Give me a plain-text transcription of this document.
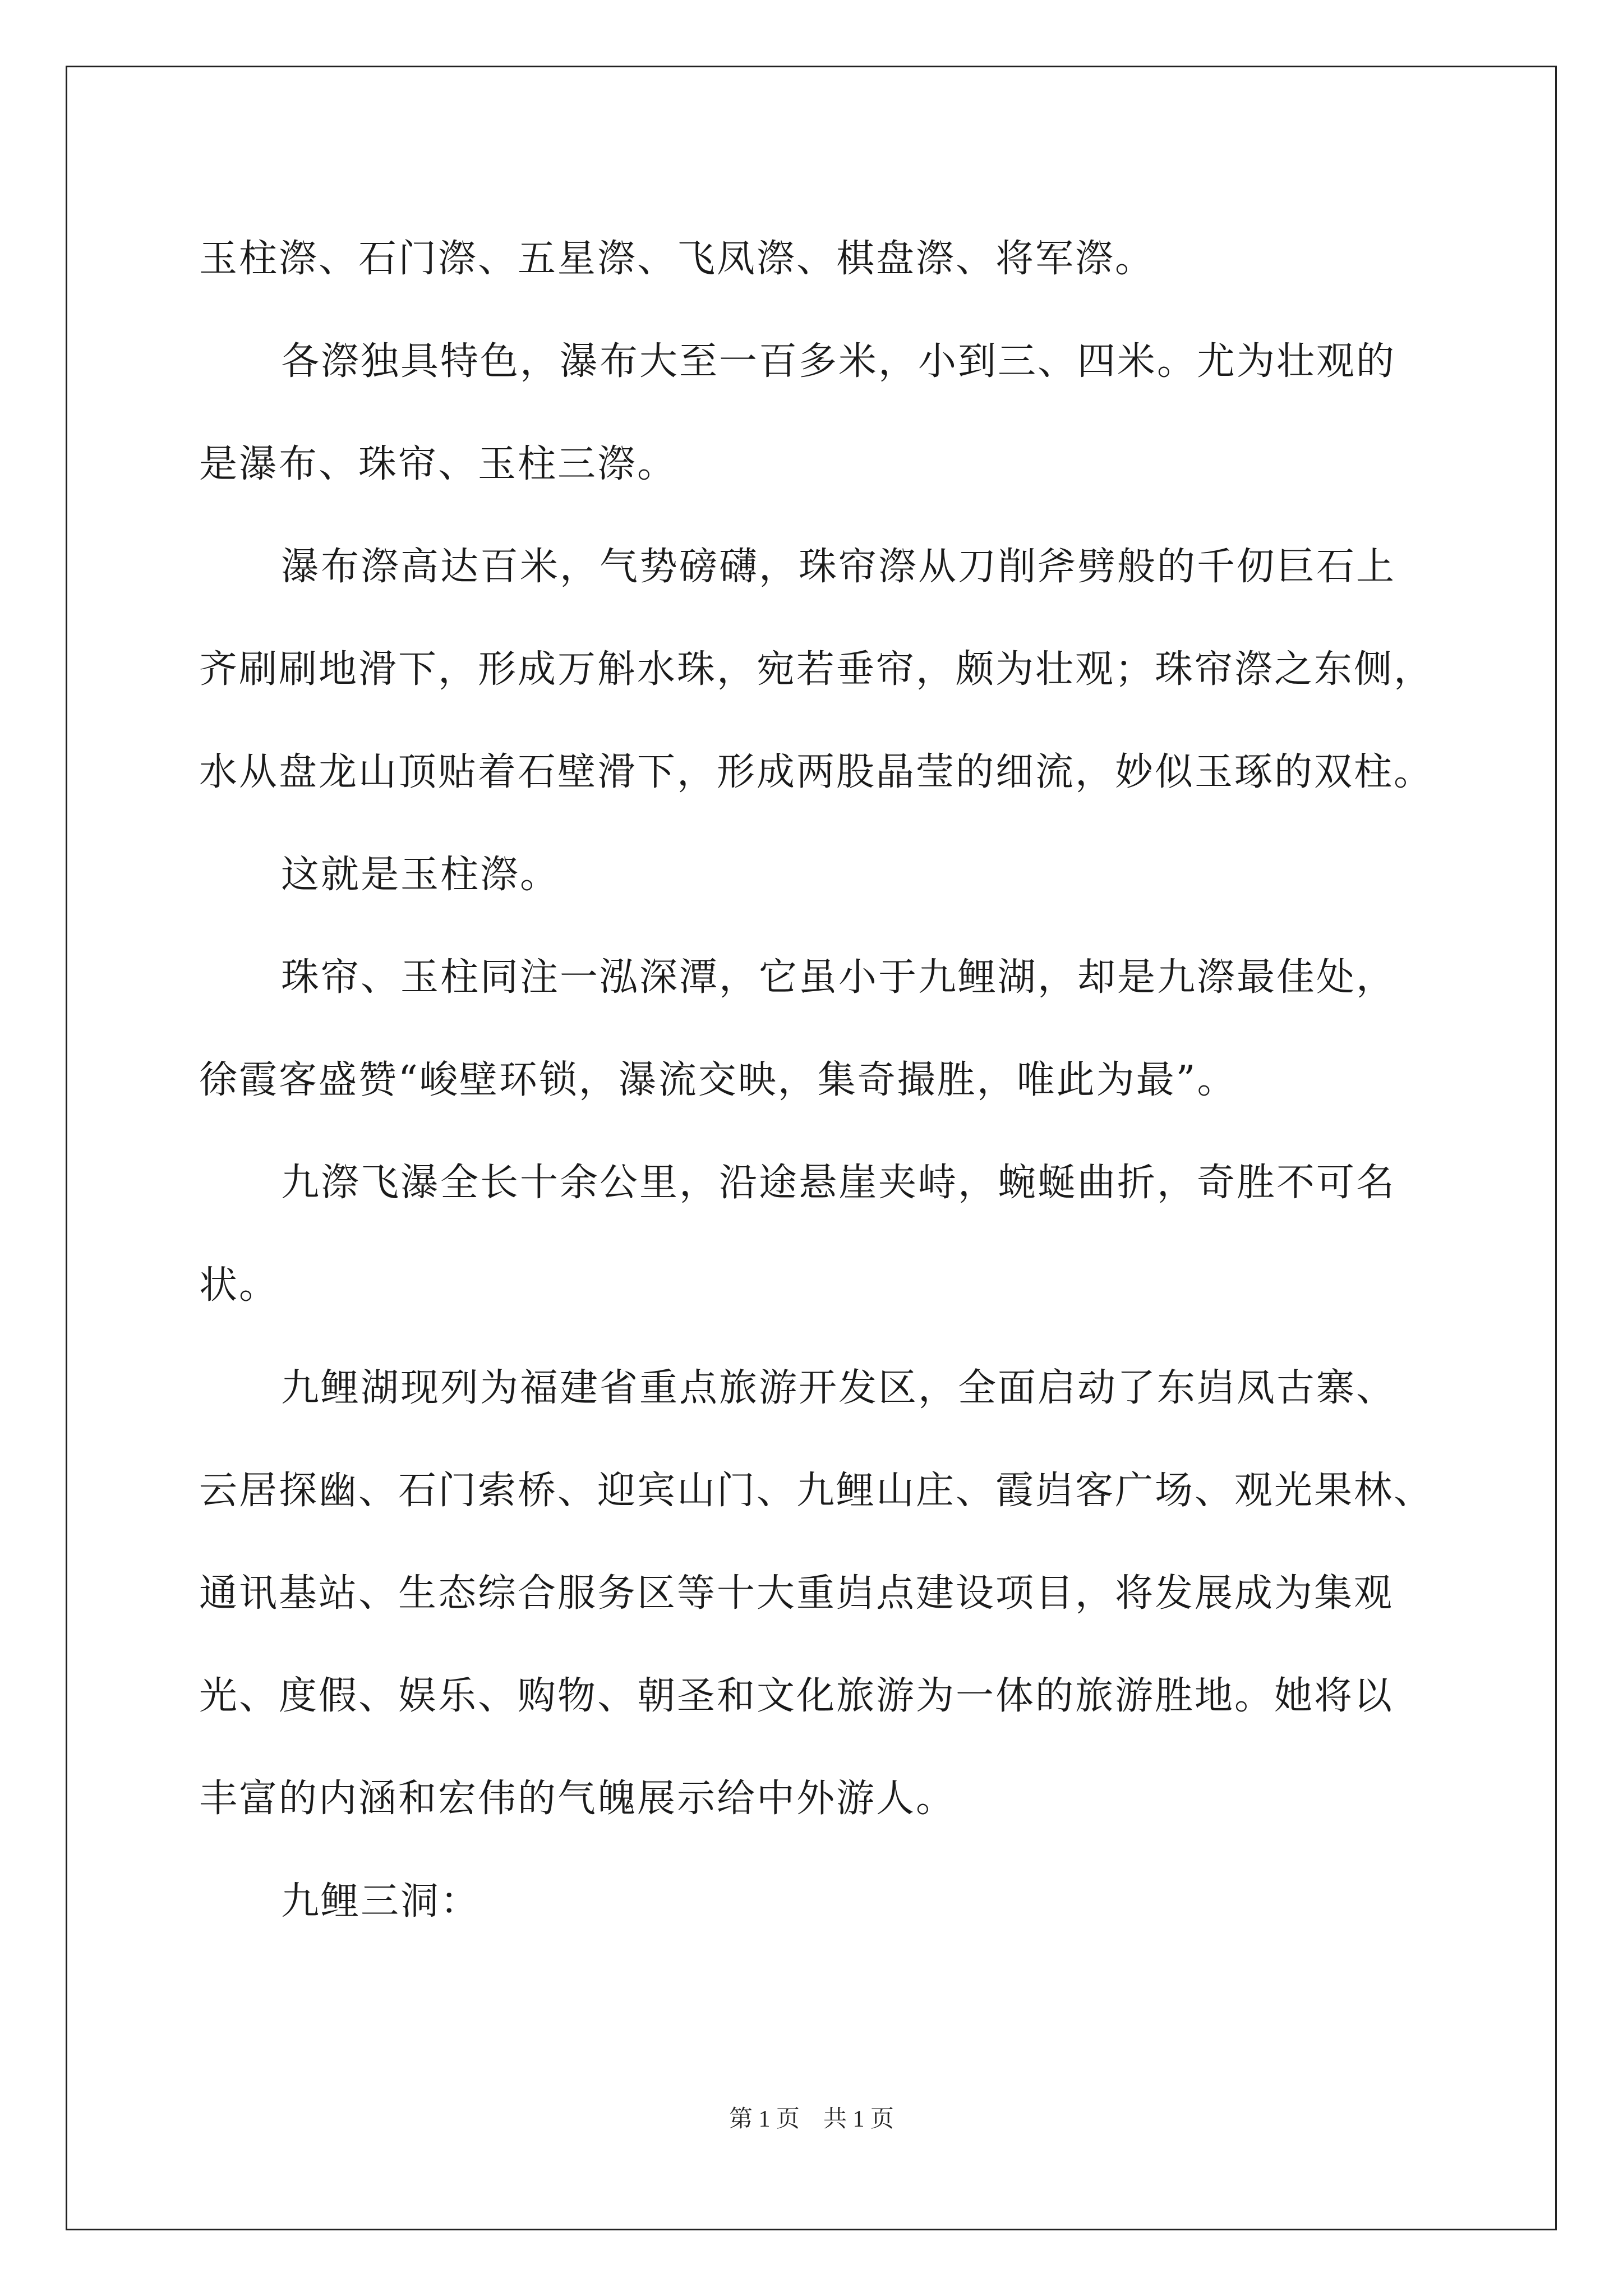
玉柱漈、石门漈、五星漈、飞凤漈、棋盘漈、将军漈。

各漈独具特色，瀑布大至一百多米，小到三、四米。尤为壮观的

是瀑布、珠帘、玉柱三漈。

瀑布漈高达百米，气势磅礴，珠帘漈从刀削斧劈般的千仞巨石上

齐刷刷地滑下，形成万斛水珠，宛若垂帘，颇为壮观；珠帘漈之东侧，

水从盘龙山顶贴着石壁滑下，形成两股晶莹的细流，妙似玉琢的双柱。

这就是玉柱漈。

珠帘、玉柱同注一泓深潭，它虽小于九鲤湖，却是九漈最佳处，

徐霞客盛赞“峻壁环锁，瀑流交映，集奇撮胜，唯此为最”。

九漈飞瀑全长十余公里，沿途悬崖夹峙，蜿蜒曲折，奇胜不可名

状。

九鲤湖现列为福建省重点旅游开发区，全面启动了东岿凤古寨、

云居探幽、石门索桥、迎宾山门、九鲤山庄、霞岿客广场、观光果林、

通讯基站、生态综合服务区等十大重岿点建设项目，将发展成为集观

光、度假、娱乐、购物、朝圣和文化旅游为一体的旅游胜地。她将以

丰富的内涵和宏伟的气魄展示给中外游人。

九鲤三洞：

第 1 页    共 1 页
